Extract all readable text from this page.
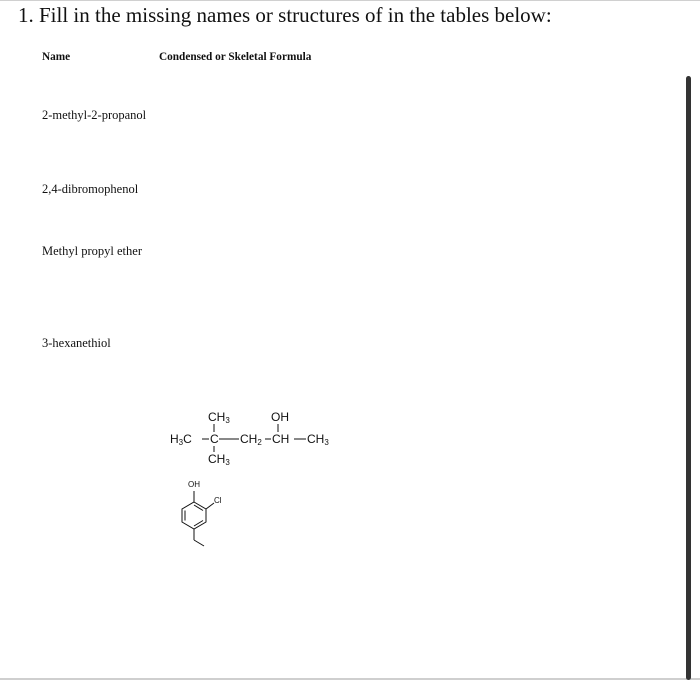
1. Fill in the missing names or structures of in the tables below:
Name	Condensed or Skeletal Formula
2-methyl-2-propanol
2,4-dibromophenol
Methyl propyl ether
3-hexanethiol
$CH_3$	OH
$H_3C$ C $CH_2$ CH $CH_3$
$CH_3$
OH
Cl
